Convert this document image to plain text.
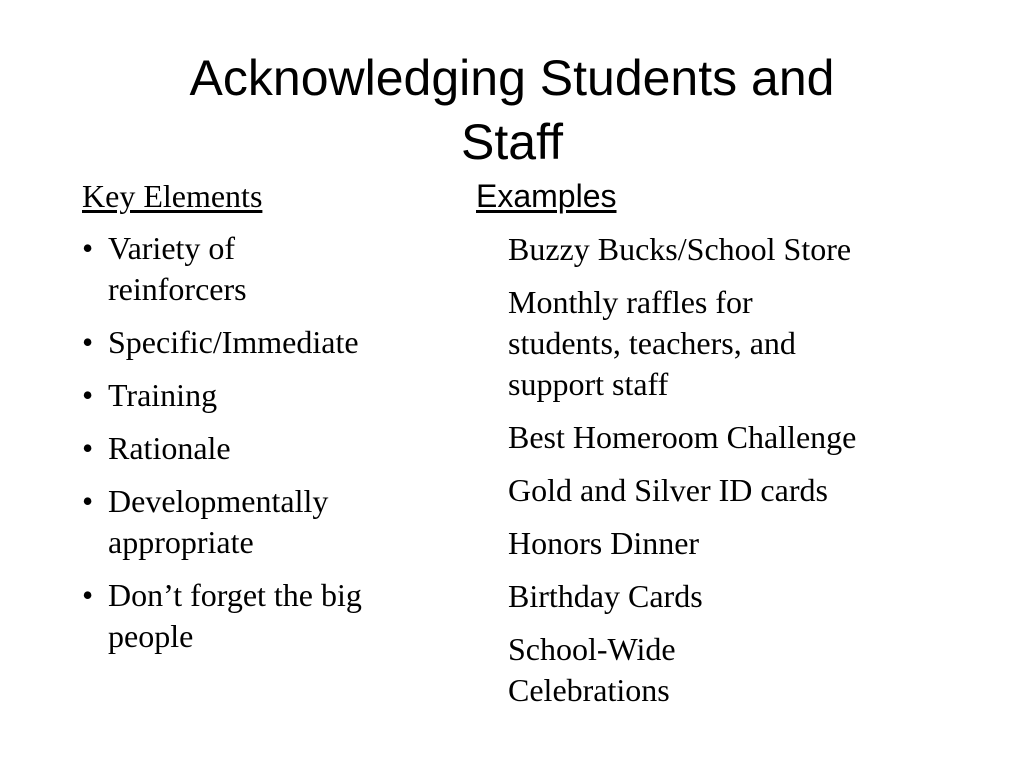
Acknowledging Students and
Staff
Key Elements
• Variety of
reinforcers
• Specific/Immediate
• Training
• Rationale
• Developmentally
appropriate
• Don’t forget the big
people
Examples
Buzzy Bucks/School Store
Monthly raffles for
students, teachers, and
support staff
Best Homeroom Challenge
Gold and Silver ID cards
Honors Dinner
Birthday Cards
School-Wide
Celebrations
